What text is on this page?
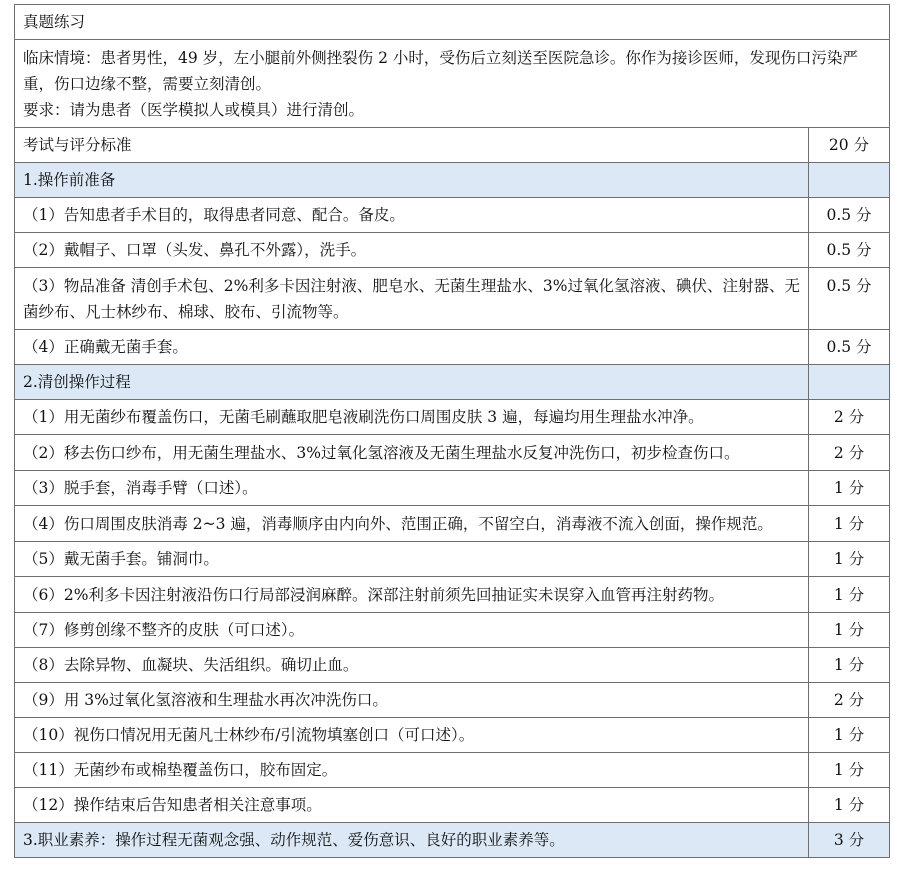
真题练习	

临床情境：患者男性，49 岁，左小腿前外侧挫裂伤 2 小时，受伤后立刻送至医院急诊。你作为接诊医师，发现伤口污染严重，伤口边缘不整，需要立刻清创。
要求：请为患者（医学模拟人或模具）进行清创。	

考试与评分标准	20 分
1.操作前准备	
（1）告知患者手术目的，取得患者同意、配合。备皮。	0.5 分
（2）戴帽子、口罩（头发、鼻孔不外露），洗手。	0.5 分
（3）物品准备 清创手术包、2%利多卡因注射液、肥皂水、无菌生理盐水、3%过氧化氢溶液、碘伏、注射器、无菌纱布、凡士林纱布、棉球、胶布、引流物等。	0.5 分
（4）正确戴无菌手套。	0.5 分
2.清创操作过程	
（1）用无菌纱布覆盖伤口，无菌毛刷蘸取肥皂液刷洗伤口周围皮肤 3 遍，每遍均用生理盐水冲净。	2 分
（2）移去伤口纱布，用无菌生理盐水、3%过氧化氢溶液及无菌生理盐水反复冲洗伤口，初步检查伤口。	2 分
（3）脱手套，消毒手臂（口述）。	1 分
（4）伤口周围皮肤消毒 2~3 遍，消毒顺序由内向外、范围正确，不留空白，消毒液不流入创面，操作规范。	1 分
（5）戴无菌手套。铺洞巾。	1 分
（6）2%利多卡因注射液沿伤口行局部浸润麻醉。深部注射前须先回抽证实未误穿入血管再注射药物。	1 分
（7）修剪创缘不整齐的皮肤（可口述）。	1 分
（8）去除异物、血凝块、失活组织。确切止血。	1 分
（9）用 3%过氧化氢溶液和生理盐水再次冲洗伤口。	2 分
（10）视伤口情况用无菌凡士林纱布/引流物填塞创口（可口述）。	1 分
（11）无菌纱布或棉垫覆盖伤口，胶布固定。	1 分
（12）操作结束后告知患者相关注意事项。	1 分
3.职业素养：操作过程无菌观念强、动作规范、爱伤意识、良好的职业素养等。	3 分
